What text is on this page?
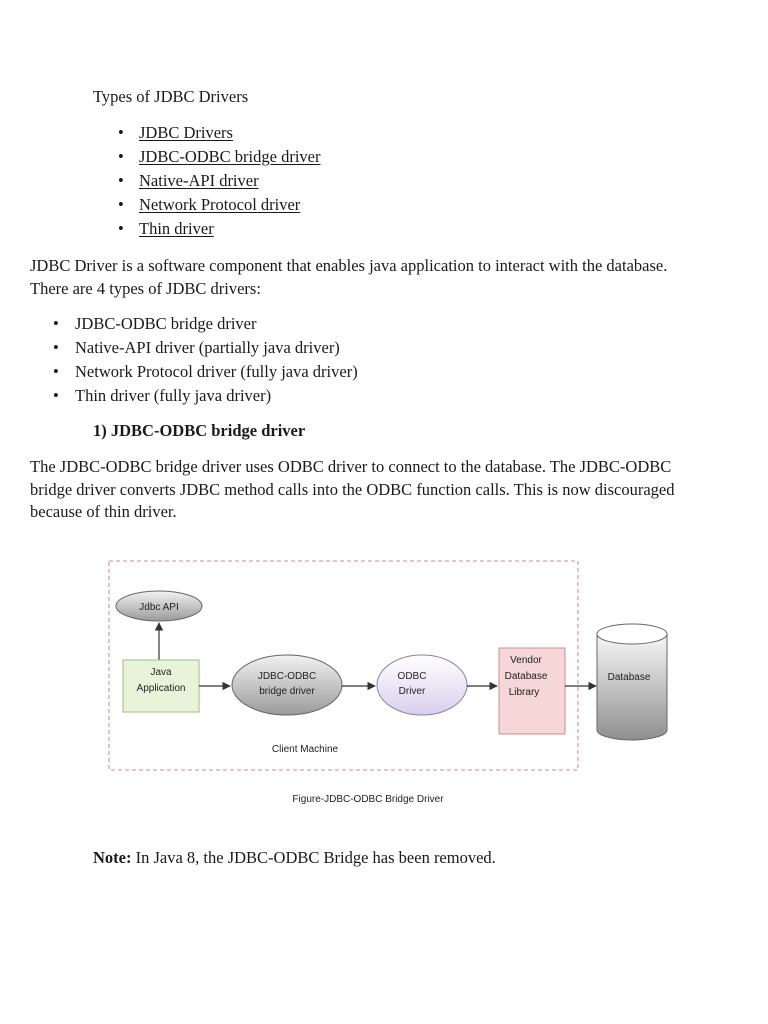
Types of JDBC Drivers
• JDBC Drivers
• JDBC-ODBC bridge driver
• Native-API driver
• Network Protocol driver
• Thin driver
JDBC Driver is a software component that enables java application to interact with the database.
There are 4 types of JDBC drivers:
• JDBC-ODBC bridge driver
• Native-API driver (partially java driver)
• Network Protocol driver (fully java driver)
• Thin driver (fully java driver)
1) JDBC-ODBC bridge driver
The JDBC-ODBC bridge driver uses ODBC driver to connect to the database. The JDBC-ODBC
bridge driver converts JDBC method calls into the ODBC function calls. This is now discouraged
because of thin driver.
Jdbc API
Java
Application
JDBC-ODBC
bridge driver
ODBC
Driver
Vendor
Database
Library
Database
Client Machine
Figure-JDBC-ODBC Bridge Driver
Note: In Java 8, the JDBC-ODBC Bridge has been removed.
